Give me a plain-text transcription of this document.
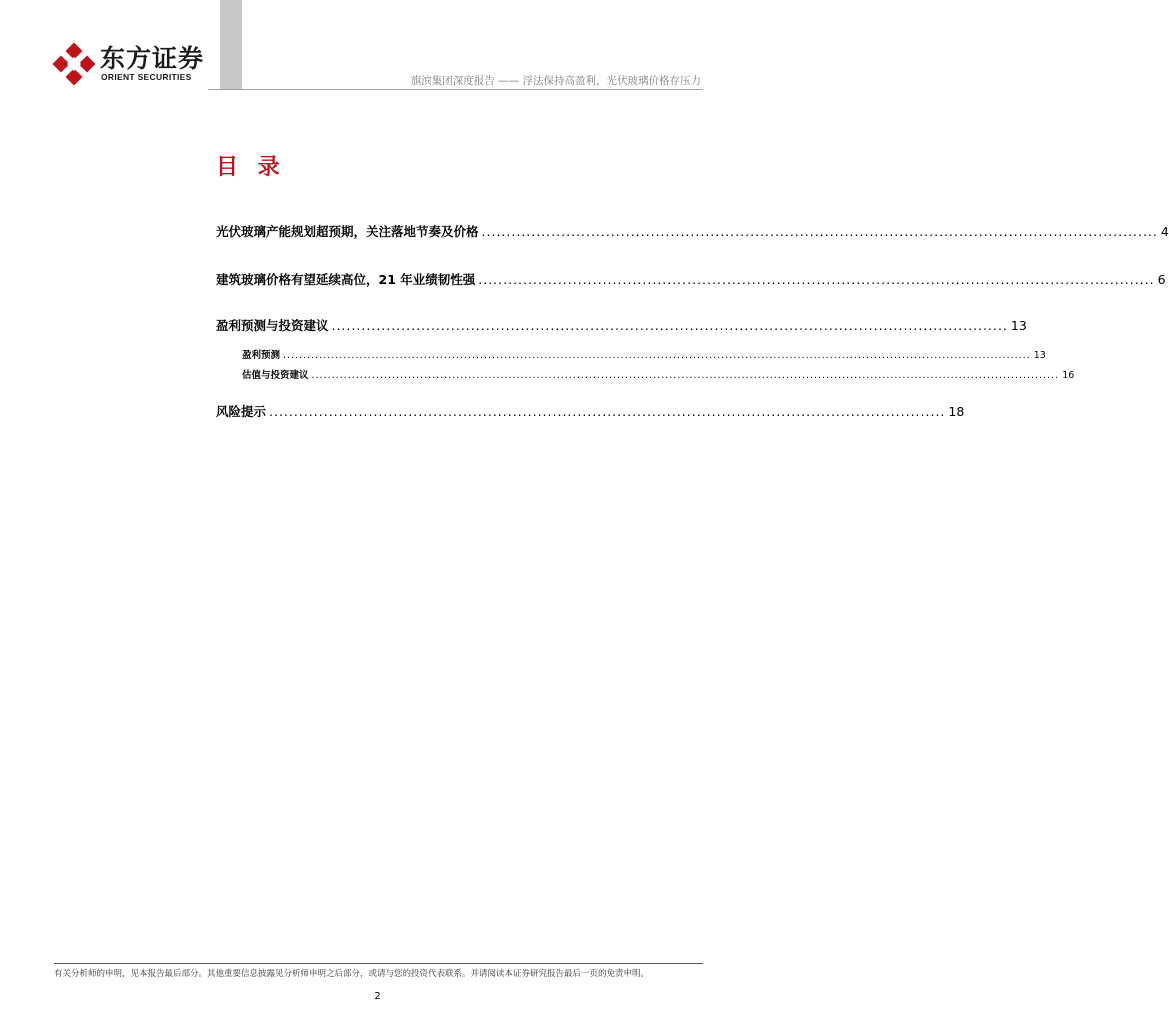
东方证券
ORIENT SECURITIES	旗滨集团深度报告 —— 浮法保持高盈利，光伏玻璃价格存压力
目 录
光伏玻璃产能规划超预期，关注落地节奏及价格 ........................................................................................................................................ 4
建筑玻璃价格有望延续高位，21 年业绩韧性强 ........................................................................................................................................ 6
盈利预测与投资建议 ........................................................................................................................................ 13
盈利预测 .......................................................................................................................................................................................... 13
估值与投资建议 .......................................................................................................................................................................................... 16
风险提示 ........................................................................................................................................ 18
有关分析师的申明，见本报告最后部分。其他重要信息披露见分析师申明之后部分，或请与您的投资代表联系。并请阅读本证券研究报告最后一页的免责申明。
2
